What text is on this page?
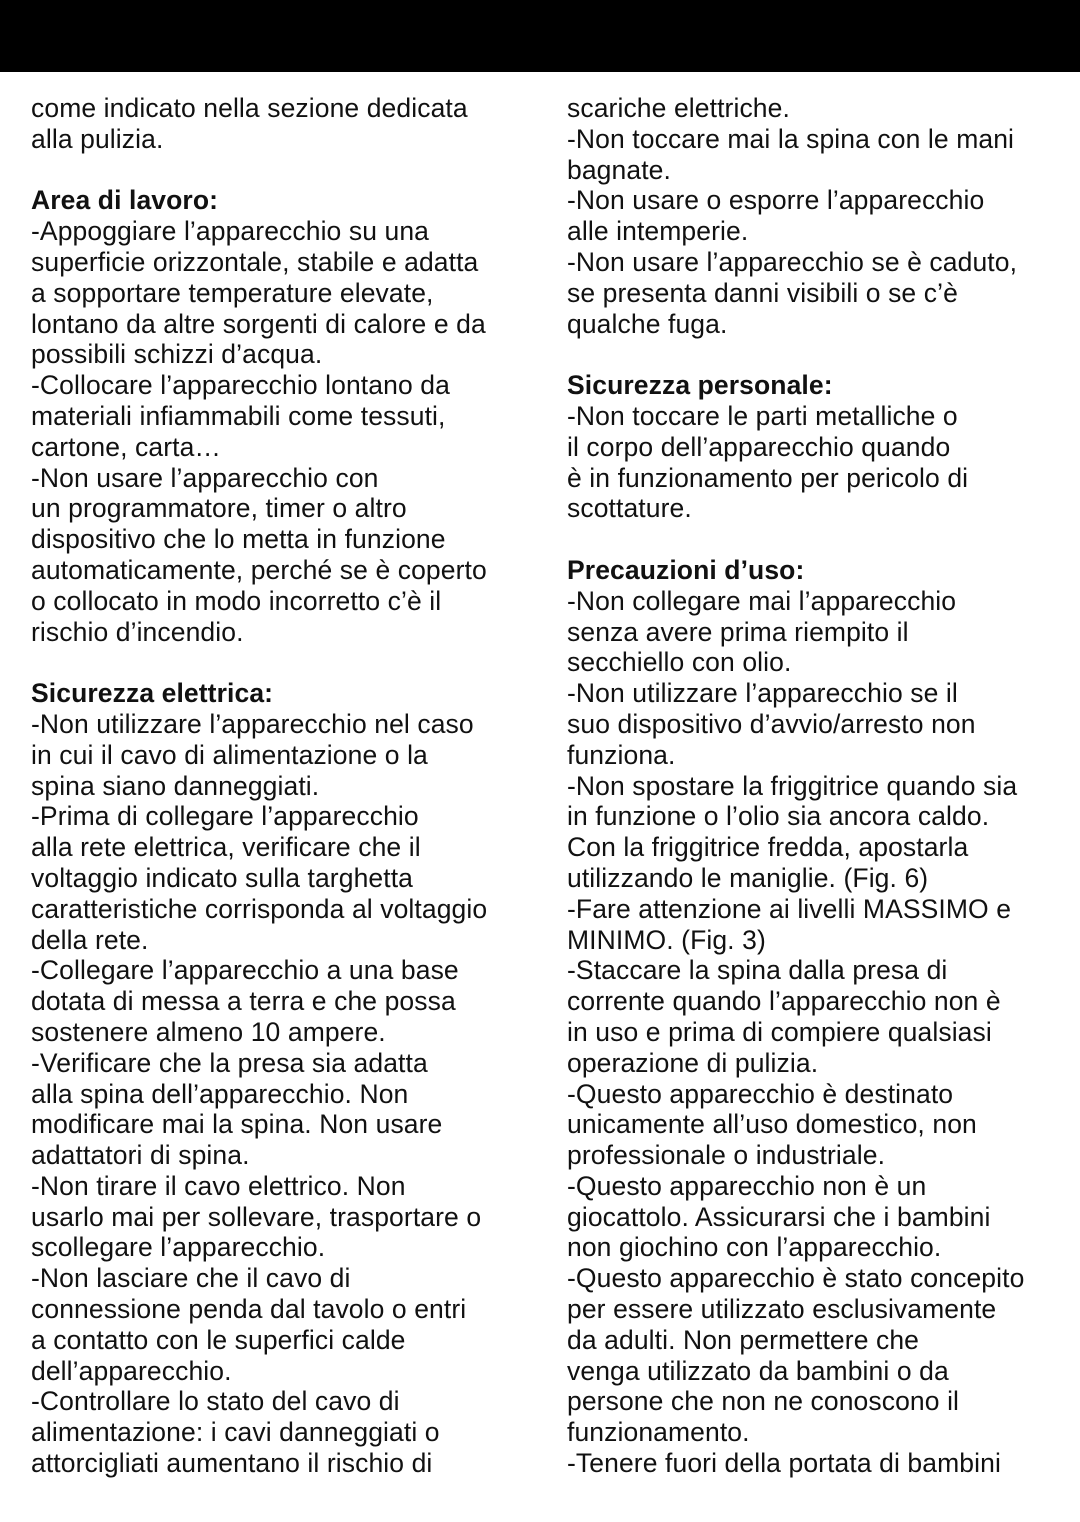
come indicato nella sezione dedicata
alla pulizia.
Area di lavoro:
-Appoggiare l’apparecchio su una
superficie orizzontale, stabile e adatta
a sopportare temperature elevate,
lontano da altre sorgenti di calore e da
possibili schizzi d’acqua.
-Collocare l’apparecchio lontano da
materiali infiammabili come tessuti,
cartone, carta…
-Non usare l’apparecchio con
un programmatore, timer o altro
dispositivo che lo metta in funzione
automaticamente, perché se è coperto
o collocato in modo incorretto c’è il
rischio d’incendio.
Sicurezza elettrica:
-Non utilizzare l’apparecchio nel caso
in cui il cavo di alimentazione o la
spina siano danneggiati.
-Prima di collegare l’apparecchio
alla rete elettrica, verificare che il
voltaggio indicato sulla targhetta
caratteristiche corrisponda al voltaggio
della rete.
-Collegare l’apparecchio a una base
dotata di messa a terra e che possa
sostenere almeno 10 ampere.
-Verificare che la presa sia adatta
alla spina dell’apparecchio. Non
modificare mai la spina. Non usare
adattatori di spina.
-Non tirare il cavo elettrico. Non
usarlo mai per sollevare, trasportare o
scollegare l’apparecchio.
-Non lasciare che il cavo di
connessione penda dal tavolo o entri
a contatto con le superfici calde
dell’apparecchio.
-Controllare lo stato del cavo di
alimentazione: i cavi danneggiati o
attorcigliati aumentano il rischio di
scariche elettriche.
-Non toccare mai la spina con le mani
bagnate.
-Non usare o esporre l’apparecchio
alle intemperie.
-Non usare l’apparecchio se è caduto,
se presenta danni visibili o se c’è
qualche fuga.
Sicurezza personale:
-Non toccare le parti metalliche o
il corpo dell’apparecchio quando
è in funzionamento per pericolo di
scottature.
Precauzioni d’uso:
-Non collegare mai l’apparecchio
senza avere prima riempito il
secchiello con olio.
-Non utilizzare l’apparecchio se il
suo dispositivo d’avvio/arresto non
funziona.
-Non spostare la friggitrice quando sia
in funzione o l’olio sia ancora caldo.
Con la friggitrice fredda, apostarla
utilizzando le maniglie. (Fig. 6)
-Fare attenzione ai livelli MASSIMO e
MINIMO. (Fig. 3)
-Staccare la spina dalla presa di
corrente quando l’apparecchio non è
in uso e prima di compiere qualsiasi
operazione di pulizia.
-Questo apparecchio è destinato
unicamente all’uso domestico, non
professionale o industriale.
-Questo apparecchio non è un
giocattolo. Assicurarsi che i bambini
non giochino con l’apparecchio.
-Questo apparecchio è stato concepito
per essere utilizzato esclusivamente
da adulti. Non permettere che
venga utilizzato da bambini o da
persone che non ne conoscono il
funzionamento.
-Tenere fuori della portata di bambini
